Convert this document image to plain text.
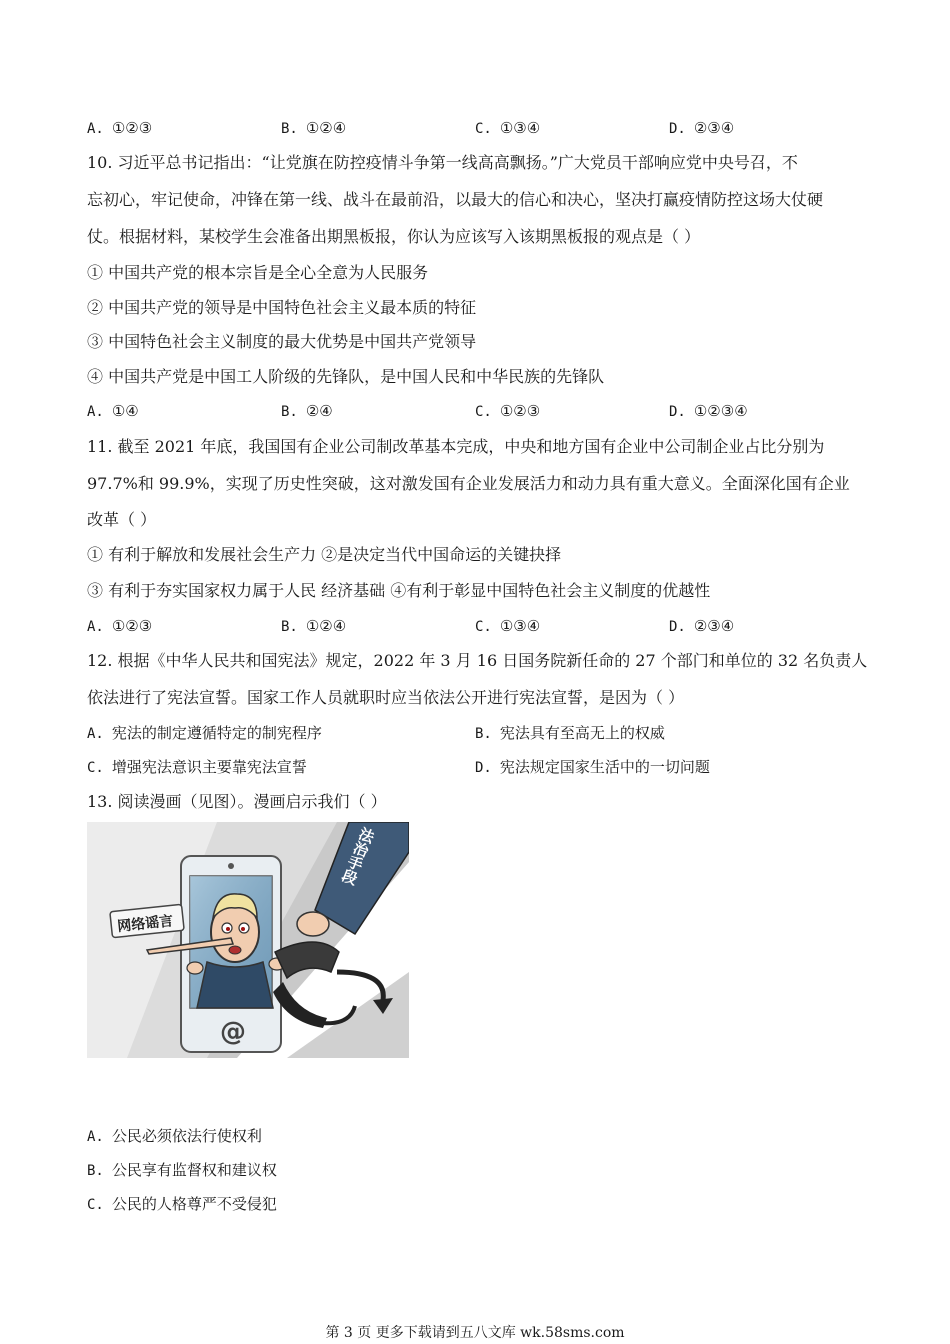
A. ①②③	B. ①②④	C. ①③④	D. ②③④
10. 习近平总书记指出：“让党旗在防控疫情斗争第一线高高飘扬。”广大党员干部响应党中央号召，不
忘初心，牢记使命，冲锋在第一线、战斗在最前沿，以最大的信心和决心，坚决打赢疫情防控这场大仗硬
仗。根据材料，某校学生会准备出期黑板报，你认为应该写入该期黑板报的观点是（ ）
① 中国共产党的根本宗旨是全心全意为人民服务
② 中国共产党的领导是中国特色社会主义最本质的特征
③ 中国特色社会主义制度的最大优势是中国共产党领导
④ 中国共产党是中国工人阶级的先锋队，是中国人民和中华民族的先锋队
A. ①④	B. ②④	C. ①②③	D. ①②③④
11. 截至 2021 年底，我国国有企业公司制改革基本完成，中央和地方国有企业中公司制企业占比分别为
97.7%和 99.9%，实现了历史性突破，这对激发国有企业发展活力和动力具有重大意义。全面深化国有企业
改革（ ）
① 有利于解放和发展社会生产力 ②是决定当代中国命运的关键抉择
③ 有利于夯实国家权力属于人民 经济基础 ④有利于彰显中国特色社会主义制度的优越性
A. ①②③	B. ①②④	C. ①③④	D. ②③④
12. 根据《中华人民共和国宪法》规定，2022 年 3 月 16 日国务院新任命的 27 个部门和单位的 32 名负责人
依法进行了宪法宣誓。国家工作人员就职时应当依法公开进行宪法宣誓，是因为（ ）
A. 宪法的制定遵循特定的制宪程序	B. 宪法具有至高无上的权威
C. 增强宪法意识主要靠宪法宣誓	D. 宪法规定国家生活中的一切问题
13. 阅读漫画（见图）。漫画启示我们（ ）
@
法治手段
网络谣言
A. 公民必须依法行使权利
B. 公民享有监督权和建议权
C. 公民的人格尊严不受侵犯
第 3 页 更多下载请到五八文库 wk.58sms.com
